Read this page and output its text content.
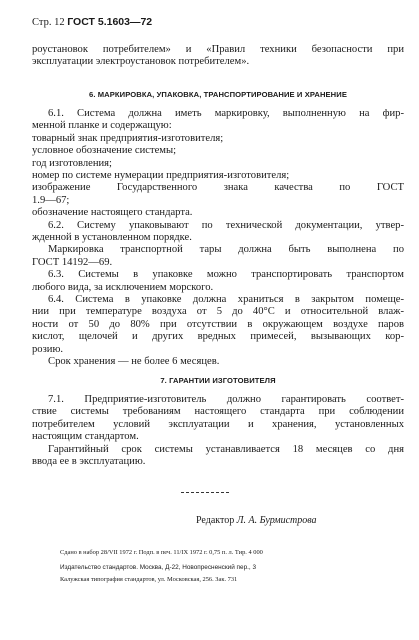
Стр. 12 ГОСТ 5.1603—72
роустановок потребителем» и «Правил техники безопасности при
эксплуатации электроустановок потребителем».
6. МАРКИРОВКА, УПАКОВКА, ТРАНСПОРТИРОВАНИЕ И ХРАНЕНИЕ
6.1. Система должна иметь маркировку, выполненную на фир-
менной планке и содержащую:
товарный знак предприятия-изготовителя;
условное обозначение системы;
год изготовления;
номер по системе нумерации предприятия-изготовителя;
изображение Государственного знака качества по ГОСТ
1.9—67;
обозначение настоящего стандарта.
6.2. Систему упаковывают по технической документации, утвер-
жденной в установленном порядке.
Маркировка транспортной тары должна быть выполнена по
ГОСТ 14192—69.
6.3. Системы в упаковке можно транспортировать транспортом
любого вида, за исключением морского.
6.4. Система в упаковке должна храниться в закрытом помеще-
нии при температуре воздуха от 5 до 40°С и относительной влаж-
ности от 50 до 80% при отсутствии в окружающем воздухе паров
кислот, щелочей и других вредных примесей, вызывающих кор-
розию.
Срок хранения — не более 6 месяцев.
7. ГАРАНТИИ ИЗГОТОВИТЕЛЯ
7.1. Предприятие-изготовитель должно гарантировать соответ-
ствие системы требованиям настоящего стандарта при соблюдении
потребителем условий эксплуатации и хранения, установленных
настоящим стандартом.
Гарантийный срок системы устанавливается 18 месяцев со дня
ввода ее в эксплуатацию.
Редактор Л. А. Бурмистрова
Сдано в набор 28/VII 1972 г. Подп. в печ. 11/IX 1972 г. 0,75 п. л. Тир. 4 000
Издательство стандартов. Москва, Д-22, Новопресненский пер., 3
Калужская типография стандартов, ул. Московская, 256. Зак. 731
